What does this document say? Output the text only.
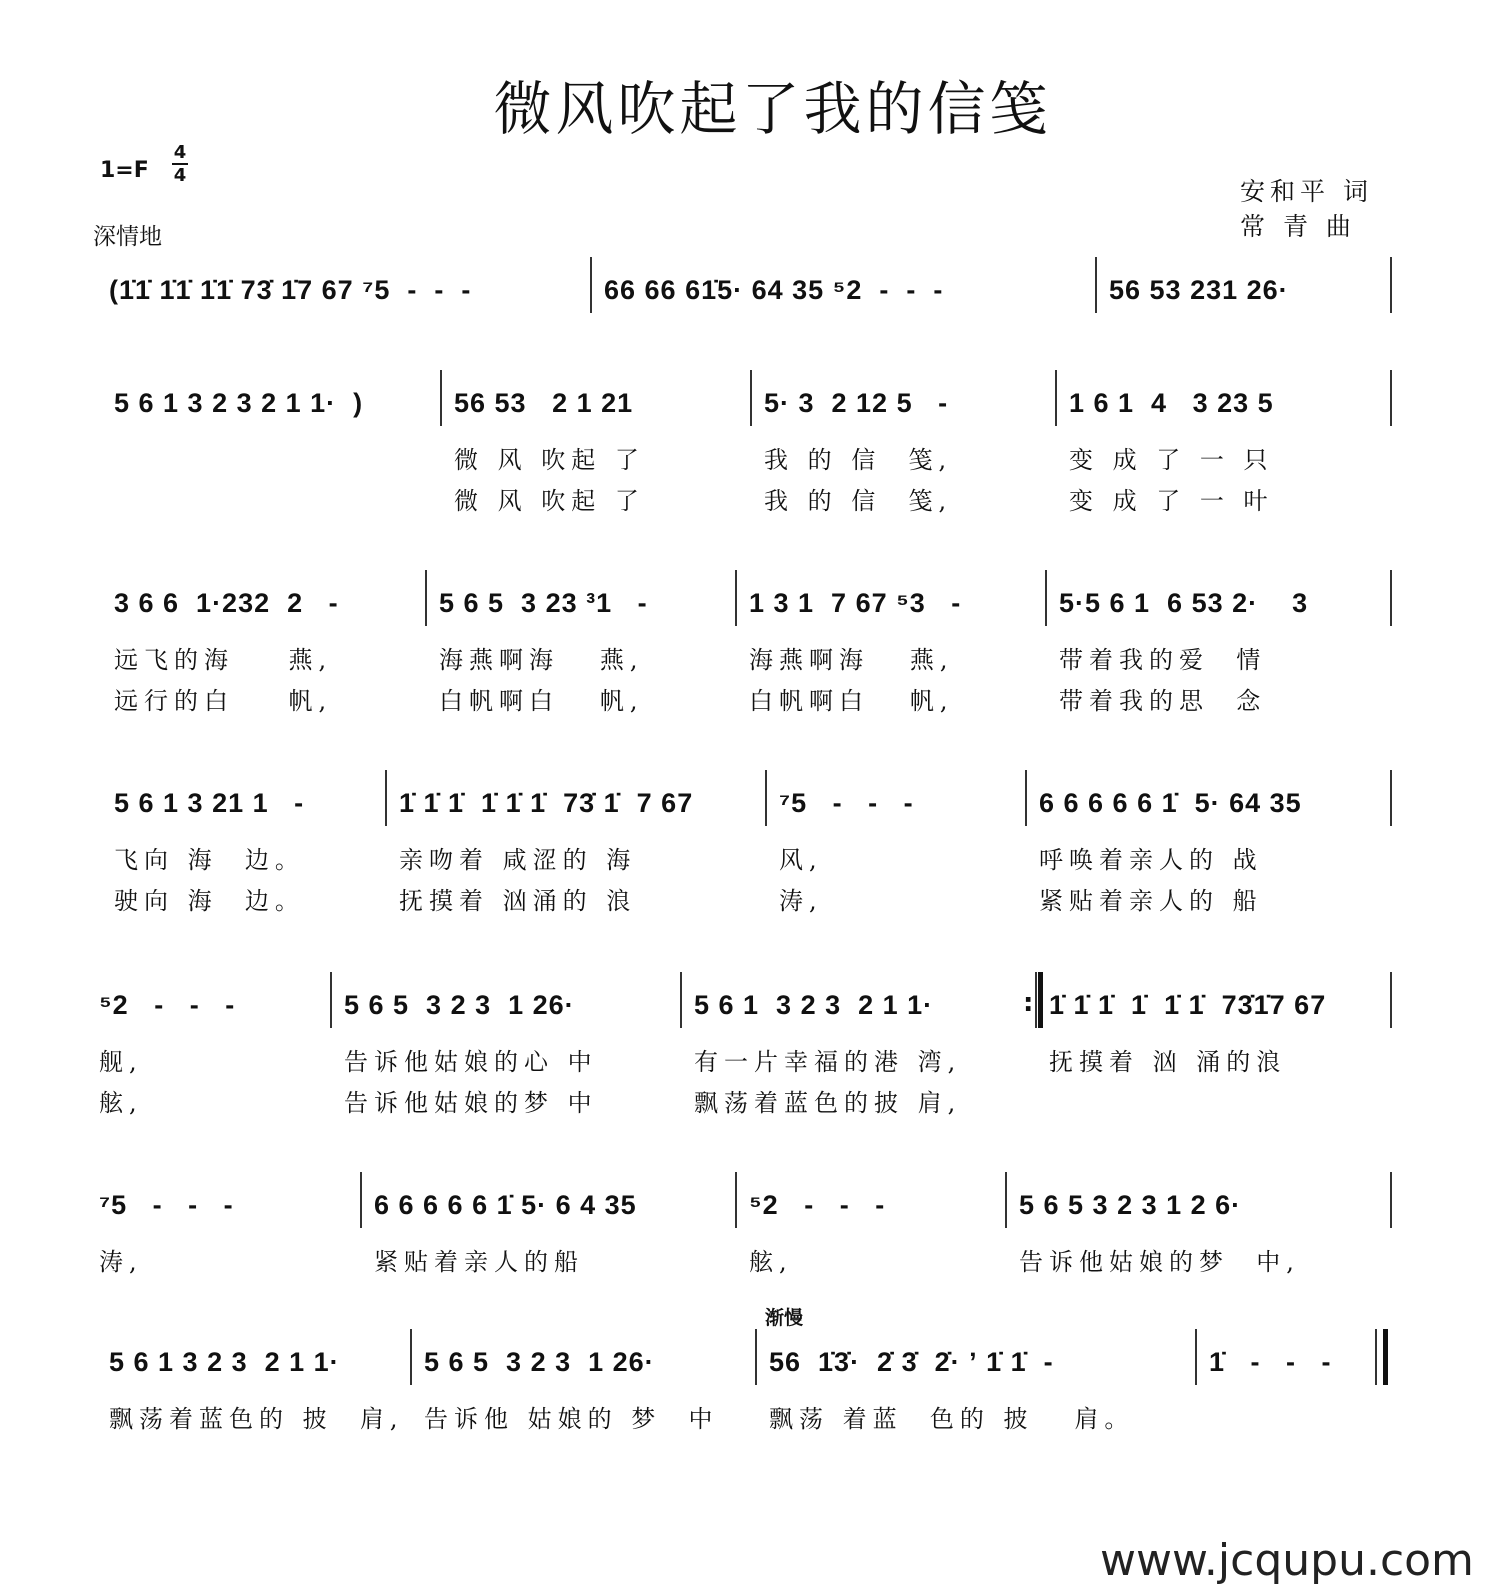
微风吹起了我的信笺
1=F
4
4
深情地
安和平 词
常 青 曲
(1̇1̇ 1̇1̇ 1̇1̇ 73̇ 1̇7 67 ⁷5  -  -  -	66 66 61̇5· 64 35 ⁵2  -  -  -	56 53 231 26·
5 6 1 3 2 3 2 1 1·  )	56 53   2 1 21
微 风 吹起 了
微 风 吹起 了
5· 3  2 12 5   -
我 的 信  笺,
我 的 信  笺,
1 6 1  4   3 23 5
变 成 了 一 只
变 成 了 一 叶
3 6 6  1·232  2   -
远飞的海    燕,
远行的白    帆,
5 6 5  3 23 ³1   -
海燕啊海   燕,
白帆啊白   帆,
1 3 1  7 67 ⁵3   -
海燕啊海   燕,
白帆啊白   帆,
5·5 6 1  6 53 2·    3
带着我的爱  情
带着我的思  念
5 6 1 3 21 1   -
飞向 海  边。
驶向 海  边。
1̇ 1̇ 1̇  1̇ 1̇ 1̇  73̇ 1̇  7 67
亲吻着 咸涩的 海
抚摸着 汹涌的 浪
⁷5   -   -   -
风,
涛,
6 6 6 6 6 1̇  5· 64 35
呼唤着亲人的 战
紧贴着亲人的 船
⁵2   -   -   -
舰,
舷,
5 6 5  3 2 3  1 26·
告诉他姑娘的心 中
告诉他姑娘的梦 中
5 6 1  3 2 3  2 1 1·
有一片幸福的港 湾,
飘荡着蓝色的披 肩,
: 1̇ 1̇ 1̇  1̇  1̇ 1̇  73̇1̇7 67
抚摸着 汹 涌的浪
⁷5   -   -   -
涛,
6 6 6 6 6 1̇ 5· 6 4 35
紧贴着亲人的船
⁵2   -   -   -
舷,
5 6 5 3 2 3 1 2 6·
告诉他姑娘的梦  中,
5 6 1 3 2 3  2 1 1·
飘荡着蓝色的 披  肩,
5 6 5  3 2 3  1 26·
告诉他 姑娘的 梦  中
56  1̇3̇·  2̇ 3̇  2̇· ʼ 1̇ 1̇  -
飘荡 着蓝  色的 披   肩。
渐慢
1̇   -   -   -
www.jcqupu.com
